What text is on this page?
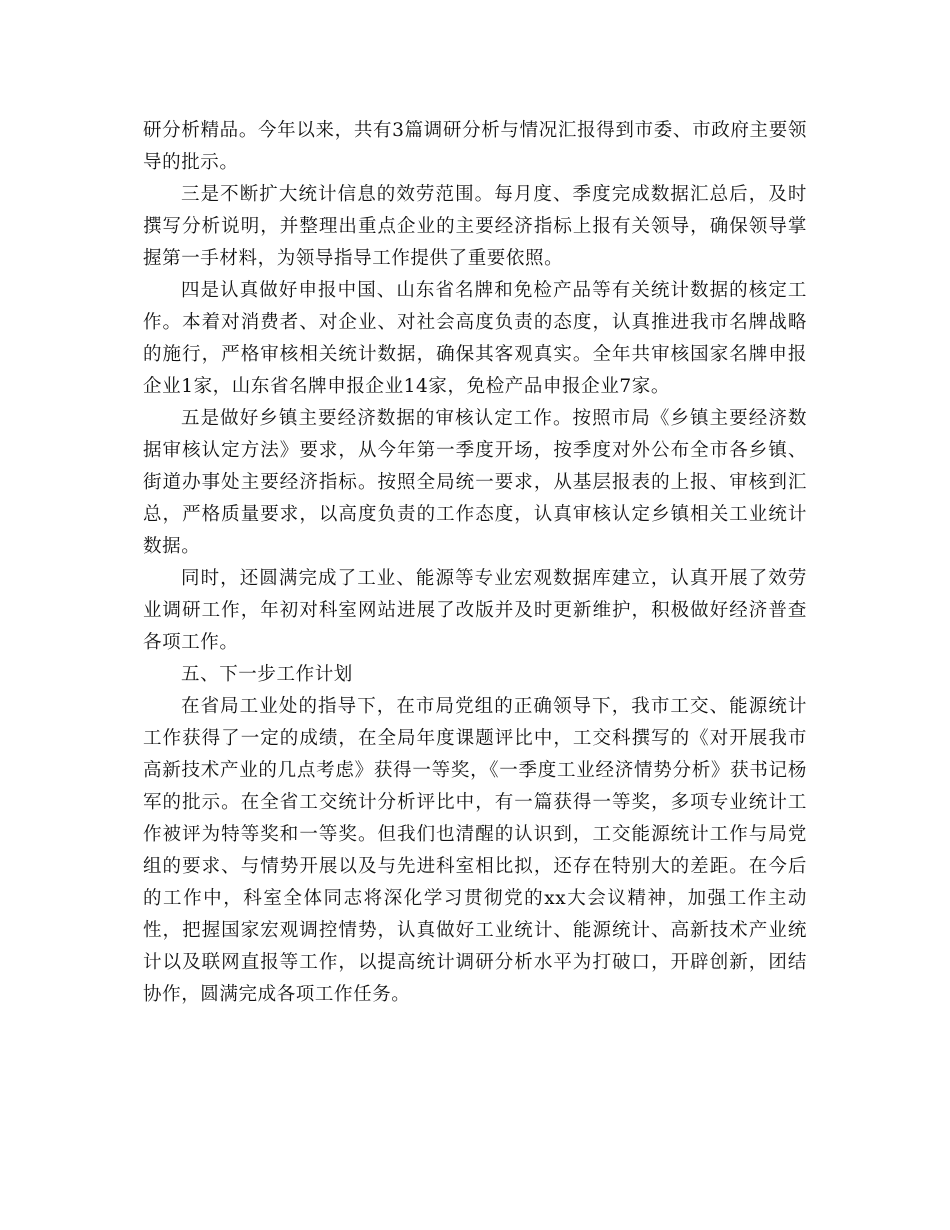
研分析精品。今年以来，共有3篇调研分析与情况汇报得到市委、市政府主要领导的批示。

三是不断扩大统计信息的效劳范围。每月度、季度完成数据汇总后，及时撰写分析说明，并整理出重点企业的主要经济指标上报有关领导，确保领导掌握第一手材料，为领导指导工作提供了重要依照。

四是认真做好申报中国、山东省名牌和免检产品等有关统计数据的核定工作。本着对消费者、对企业、对社会高度负责的态度，认真推进我市名牌战略的施行，严格审核相关统计数据，确保其客观真实。全年共审核国家名牌申报企业1家，山东省名牌申报企业14家，免检产品申报企业7家。

五是做好乡镇主要经济数据的审核认定工作。按照市局《乡镇主要经济数据审核认定方法》要求，从今年第一季度开场，按季度对外公布全市各乡镇、街道办事处主要经济指标。按照全局统一要求，从基层报表的上报、审核到汇总，严格质量要求，以高度负责的工作态度，认真审核认定乡镇相关工业统计数据。

同时，还圆满完成了工业、能源等专业宏观数据库建立，认真开展了效劳业调研工作，年初对科室网站进展了改版并及时更新维护，积极做好经济普查各项工作。

五、下一步工作计划

在省局工业处的指导下，在市局党组的正确领导下，我市工交、能源统计工作获得了一定的成绩，在全局年度课题评比中，工交科撰写的《对开展我市高新技术产业的几点考虑》获得一等奖，《一季度工业经济情势分析》获书记杨军的批示。在全省工交统计分析评比中，有一篇获得一等奖，多项专业统计工作被评为特等奖和一等奖。但我们也清醒的认识到，工交能源统计工作与局党组的要求、与情势开展以及与先进科室相比拟，还存在特别大的差距。在今后的工作中，科室全体同志将深化学习贯彻党的xx大会议精神，加强工作主动性，把握国家宏观调控情势，认真做好工业统计、能源统计、高新技术产业统计以及联网直报等工作，以提高统计调研分析水平为打破口，开辟创新，团结协作，圆满完成各项工作任务。
